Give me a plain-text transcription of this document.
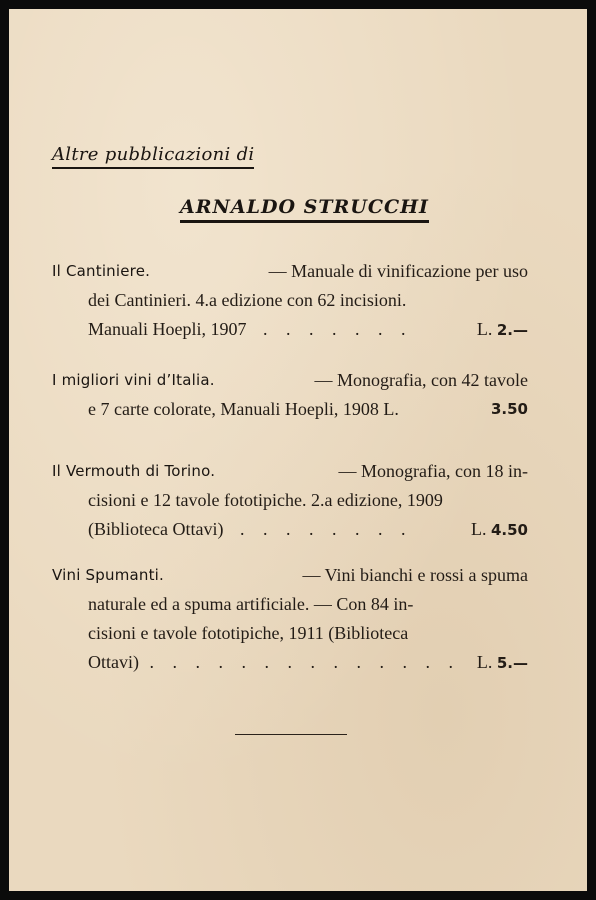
Altre pubblicazioni di
ARNALDO STRUCCHI
Il Cantiniere.	— Manuale di vinificazione per uso
dei Cantinieri. 4.a edizione con 62 incisioni.
Manuali Hoepli, 1907 . . . . . . .	L. 2.—
I migliori vini d’Italia.	— Monografia, con 42 tavole
e 7 carte colorate, Manuali Hoepli, 1908 L.	3.50
Il Vermouth di Torino.	— Monografia, con 18 in-
cisioni e 12 tavole fototipiche. 2.a edizione, 1909
(Biblioteca Ottavi) . . . . . . . .	L. 4.50
Vini Spumanti.	— Vini bianchi e rossi a spuma
naturale ed a spuma artificiale. — Con 84 in-
cisioni e tavole fototipiche, 1911 (Biblioteca
Ottavi) . . . . . . . . . . . . . . L. 5.—
